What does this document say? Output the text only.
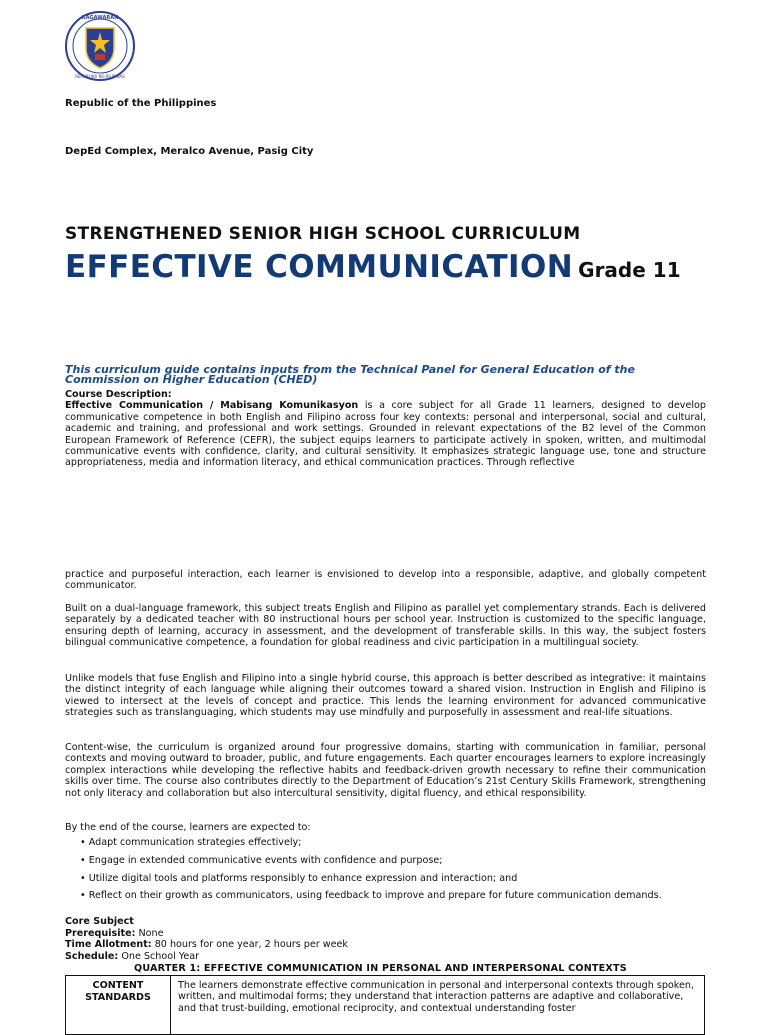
KAGAWARAN
REPUBLIKA NG PILIPINAS
Republic of the Philippines
DepEd Complex, Meralco Avenue, Pasig City
STRENGTHENED SENIOR HIGH SCHOOL CURRICULUM
EFFECTIVE COMMUNICATION Grade 11
This curriculum guide contains inputs from the Technical Panel for General Education of the Commission on Higher Education (CHED)
Course Description:
Effective Communication / Mabisang Komunikasyon is a core subject for all Grade 11 learners, designed to develop communicative competence in both English and Filipino across four key contexts: personal and interpersonal, social and cultural, academic and training, and professional and work settings. Grounded in relevant expectations of the B2 level of the Common European Framework of Reference (CEFR), the subject equips learners to participate actively in spoken, written, and multimodal communicative events with confidence, clarity, and cultural sensitivity. It emphasizes strategic language use, tone and structure appropriateness, media and information literacy, and ethical communication practices. Through reflective
practice and purposeful interaction, each learner is envisioned to develop into a responsible, adaptive, and globally competent communicator.
Built on a dual-language framework, this subject treats English and Filipino as parallel yet complementary strands. Each is delivered separately by a dedicated teacher with 80 instructional hours per school year. Instruction is customized to the specific language, ensuring depth of learning, accuracy in assessment, and the development of transferable skills. In this way, the subject fosters bilingual communicative competence, a foundation for global readiness and civic participation in a multilingual society.
Unlike models that fuse English and Filipino into a single hybrid course, this approach is better described as integrative: it maintains the distinct integrity of each language while aligning their outcomes toward a shared vision. Instruction in English and Filipino is viewed to intersect at the levels of concept and practice. This lends the learning environment for advanced communicative strategies such as translanguaging, which students may use mindfully and purposefully in assessment and real-life situations.
Content-wise, the curriculum is organized around four progressive domains, starting with communication in familiar, personal contexts and moving outward to broader, public, and future engagements. Each quarter encourages learners to explore increasingly complex interactions while developing the reflective habits and feedback-driven growth necessary to refine their communication skills over time. The course also contributes directly to the Department of Education’s 21st Century Skills Framework, strengthening not only literacy and collaboration but also intercultural sensitivity, digital fluency, and ethical responsibility.
By the end of the course, learners are expected to:
• Adapt communication strategies effectively;
• Engage in extended communicative events with confidence and purpose;
• Utilize digital tools and platforms responsibly to enhance expression and interaction; and
• Reflect on their growth as communicators, using feedback to improve and prepare for future communication demands.
Core Subject
Prerequisite: None
Time Allotment: 80 hours for one year, 2 hours per week
Schedule: One School Year
QUARTER 1: EFFECTIVE COMMUNICATION IN PERSONAL AND INTERPERSONAL CONTEXTS
CONTENT STANDARDS
The learners demonstrate effective communication in personal and interpersonal contexts through spoken, written, and multimodal forms; they understand that interaction patterns are adaptive and collaborative, and that trust-building, emotional reciprocity, and contextual understanding foster
